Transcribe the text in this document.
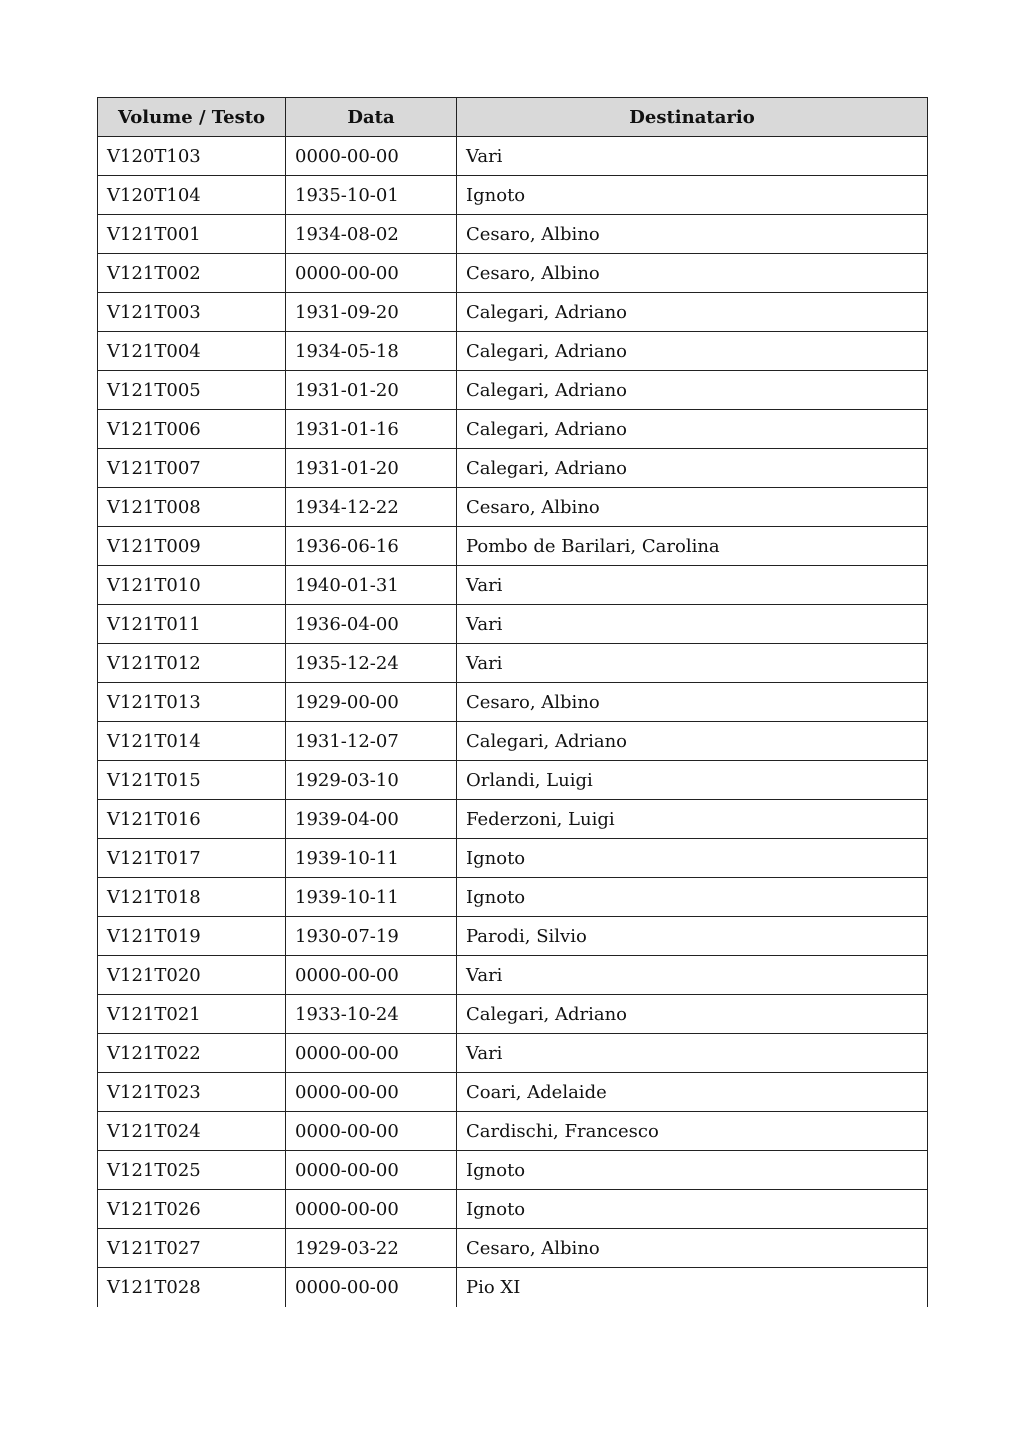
Volume / Testo	Data	Destinatario
V120T103	0000-00-00	Vari
V120T104	1935-10-01	Ignoto
V121T001	1934-08-02	Cesaro, Albino
V121T002	0000-00-00	Cesaro, Albino
V121T003	1931-09-20	Calegari, Adriano
V121T004	1934-05-18	Calegari, Adriano
V121T005	1931-01-20	Calegari, Adriano
V121T006	1931-01-16	Calegari, Adriano
V121T007	1931-01-20	Calegari, Adriano
V121T008	1934-12-22	Cesaro, Albino
V121T009	1936-06-16	Pombo de Barilari, Carolina
V121T010	1940-01-31	Vari
V121T011	1936-04-00	Vari
V121T012	1935-12-24	Vari
V121T013	1929-00-00	Cesaro, Albino
V121T014	1931-12-07	Calegari, Adriano
V121T015	1929-03-10	Orlandi, Luigi
V121T016	1939-04-00	Federzoni, Luigi
V121T017	1939-10-11	Ignoto
V121T018	1939-10-11	Ignoto
V121T019	1930-07-19	Parodi, Silvio
V121T020	0000-00-00	Vari
V121T021	1933-10-24	Calegari, Adriano
V121T022	0000-00-00	Vari
V121T023	0000-00-00	Coari, Adelaide
V121T024	0000-00-00	Cardischi, Francesco
V121T025	0000-00-00	Ignoto
V121T026	0000-00-00	Ignoto
V121T027	1929-03-22	Cesaro, Albino
V121T028	0000-00-00	Pio XI
